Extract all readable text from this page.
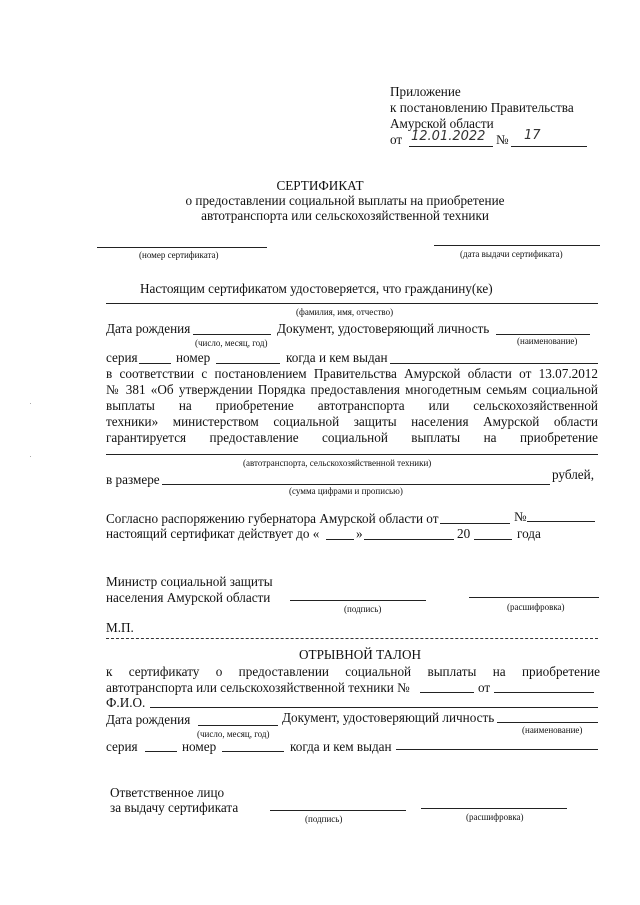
Приложение
к постановлению Правительства
Амурской области
от 12.01.2022 № 17
СЕРТИФИКАТ
о предоставлении социальной выплаты на приобретение
автотранспорта или сельскохозяйственной техники
(номер сертификата)	(дата выдачи сертификата)
Настоящим сертификатом удостоверяется, что гражданину(ке)
(фамилия, имя, отчество)
Дата рождения	Документ, удостоверяющий личность
(число, месяц, год)	(наименование)
серия	номер	когда и кем выдан
в соответствии с постановлением Правительства Амурской области от 13.07.2012
№ 381 «Об утверждении Порядка предоставления многодетным семьям социальной
выплаты на приобретение автотранспорта или сельскохозяйственной
техники» министерством социальной защиты населения Амурской области
гарантируется предоставление социальной выплаты на приобретение
(автотранспорта, сельскохозяйственной техники)
в размере	рублей,
(сумма цифрами и прописью)
Согласно распоряжению губернатора Амурской области от	№
настоящий сертификат действует до «	»	20	года
Министр социальной защиты
населения Амурской области
(подпись)	(расшифровка)
М.П.
ОТРЫВНОЙ ТАЛОН
к сертификату о предоставлении социальной выплаты на приобретение
автотранспорта или сельскохозяйственной техники №	от
Ф.И.О.
Дата рождения	Документ, удостоверяющий личность
(число, месяц, год)	(наименование)
серия	номер	когда и кем выдан
Ответственное лицо
за выдачу сертификата
(подпись)	(расшифровка)
